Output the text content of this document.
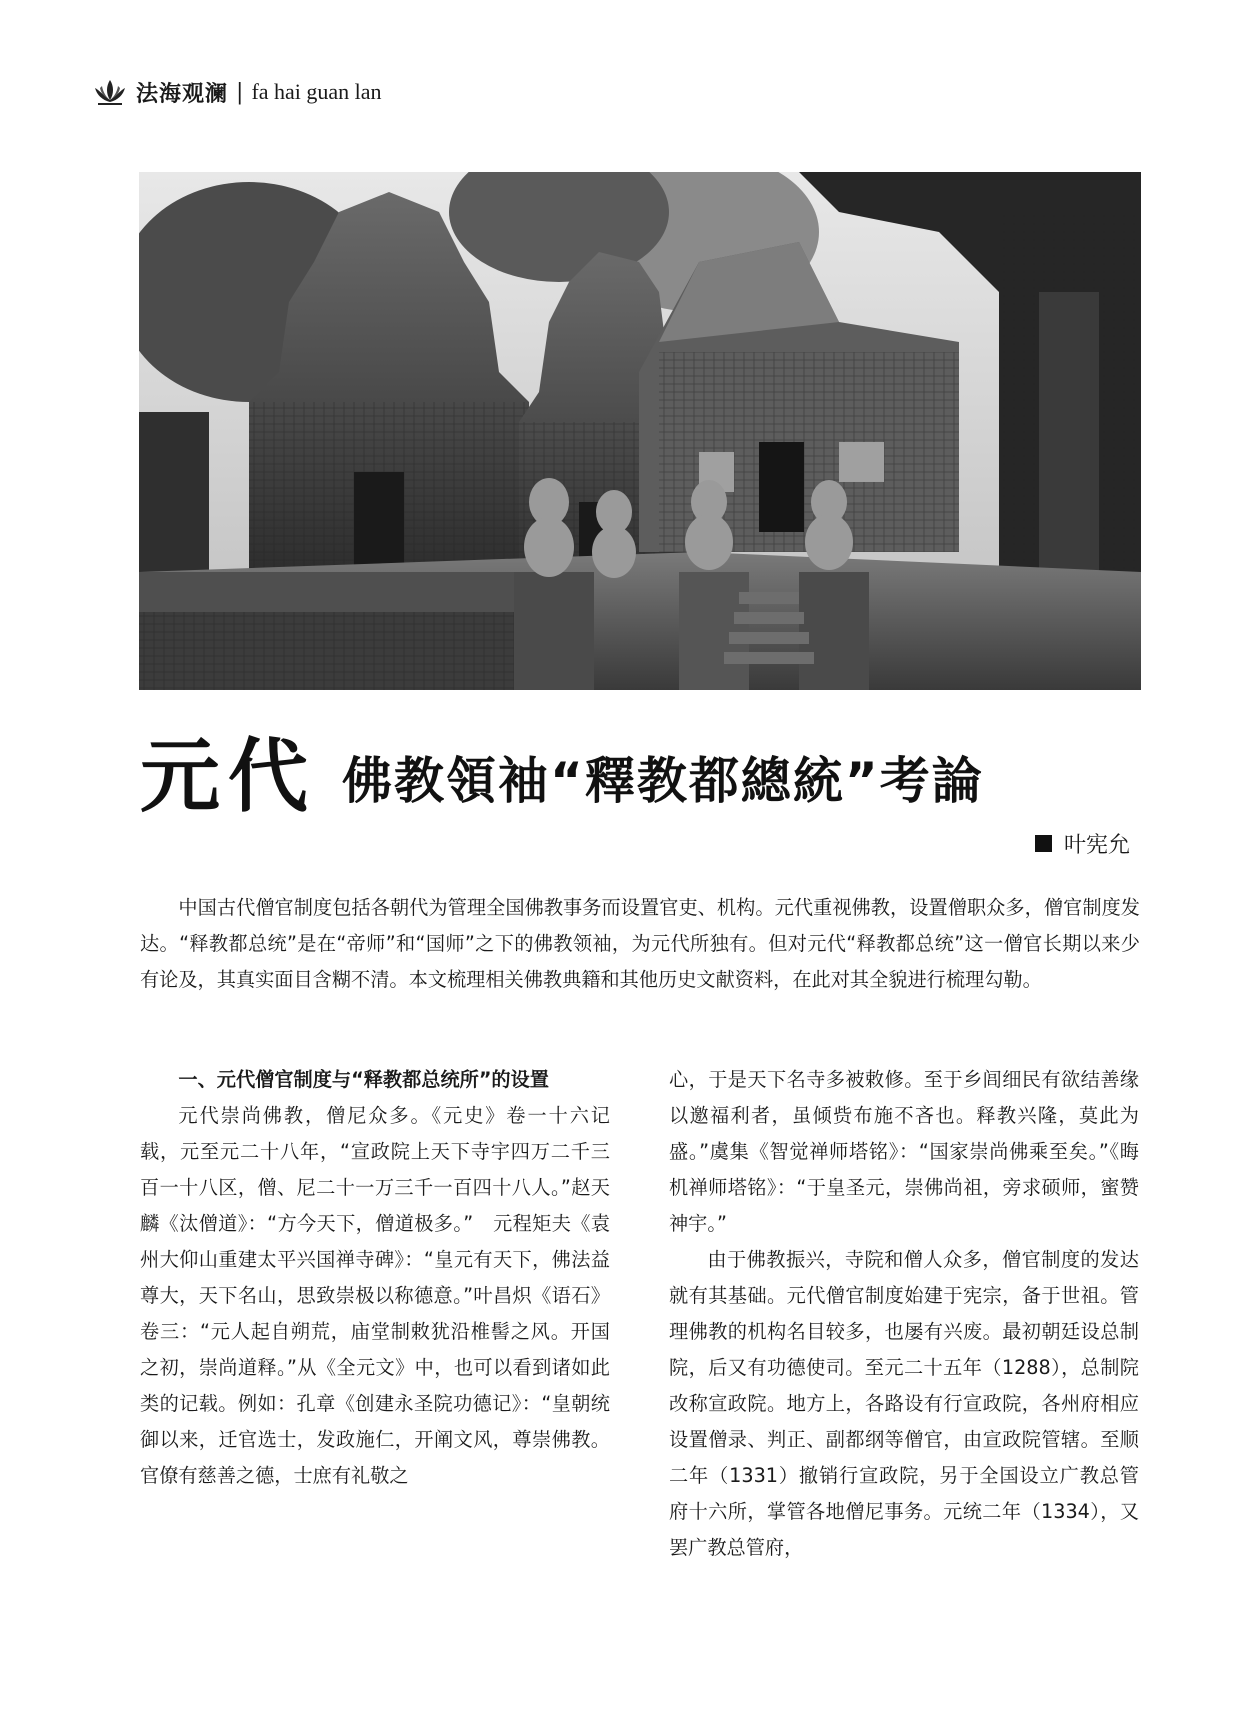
法海观澜 | fa hai guan lan
元代 佛教領袖“釋教都總統”考論
叶宪允

中国古代僧官制度包括各朝代为管理全国佛教事务而设置官吏、机构。元代重视佛教，设置僧职众多，僧官制度发达。“释教都总统”是在“帝师”和“国师”之下的佛教领袖，为元代所独有。但对元代“释教都总统”这一僧官长期以来少有论及，其真实面目含糊不清。本文梳理相关佛教典籍和其他历史文献资料，在此对其全貌进行梳理勾勒。

一、元代僧官制度与“释教都总统所”的设置

元代崇尚佛教，僧尼众多。《元史》卷一十六记载，元至元二十八年，“宣政院上天下寺宇四万二千三百一十八区，僧、尼二十一万三千一百四十八人。”赵天麟《汰僧道》：“方今天下，僧道极多。”　元程矩夫《袁州大仰山重建太平兴国禅寺碑》：“皇元有天下，佛法益尊大，天下名山，思致崇极以称德意。”叶昌炽《语石》卷三：“元人起自朔荒，庙堂制敕犹沿椎髻之风。开国之初，崇尚道释。”从《全元文》中，也可以看到诸如此类的记载。例如：孔章《创建永圣院功德记》：“皇朝统御以来，迁官选士，发政施仁，开阐文风，尊崇佛教。官僚有慈善之德，士庶有礼敬之

心，于是天下名寺多被敕修。至于乡闾细民有欲结善缘以邀福利者，虽倾赀布施不吝也。释教兴隆，莫此为盛。”虞集《智觉禅师塔铭》：“国家崇尚佛乘至矣。”《晦机禅师塔铭》：“于皇圣元，崇佛尚祖，旁求硕师，蜜赞神宇。”

由于佛教振兴，寺院和僧人众多，僧官制度的发达就有其基础。元代僧官制度始建于宪宗，备于世祖。管理佛教的机构名目较多，也屡有兴废。最初朝廷设总制院，后又有功德使司。至元二十五年（1288），总制院改称宣政院。地方上，各路设有行宣政院，各州府相应设置僧录、判正、副都纲等僧官，由宣政院管辖。至顺二年（1331）撤销行宣政院，另于全国设立广教总管府十六所，掌管各地僧尼事务。元统二年（1334），又罢广教总管府，
